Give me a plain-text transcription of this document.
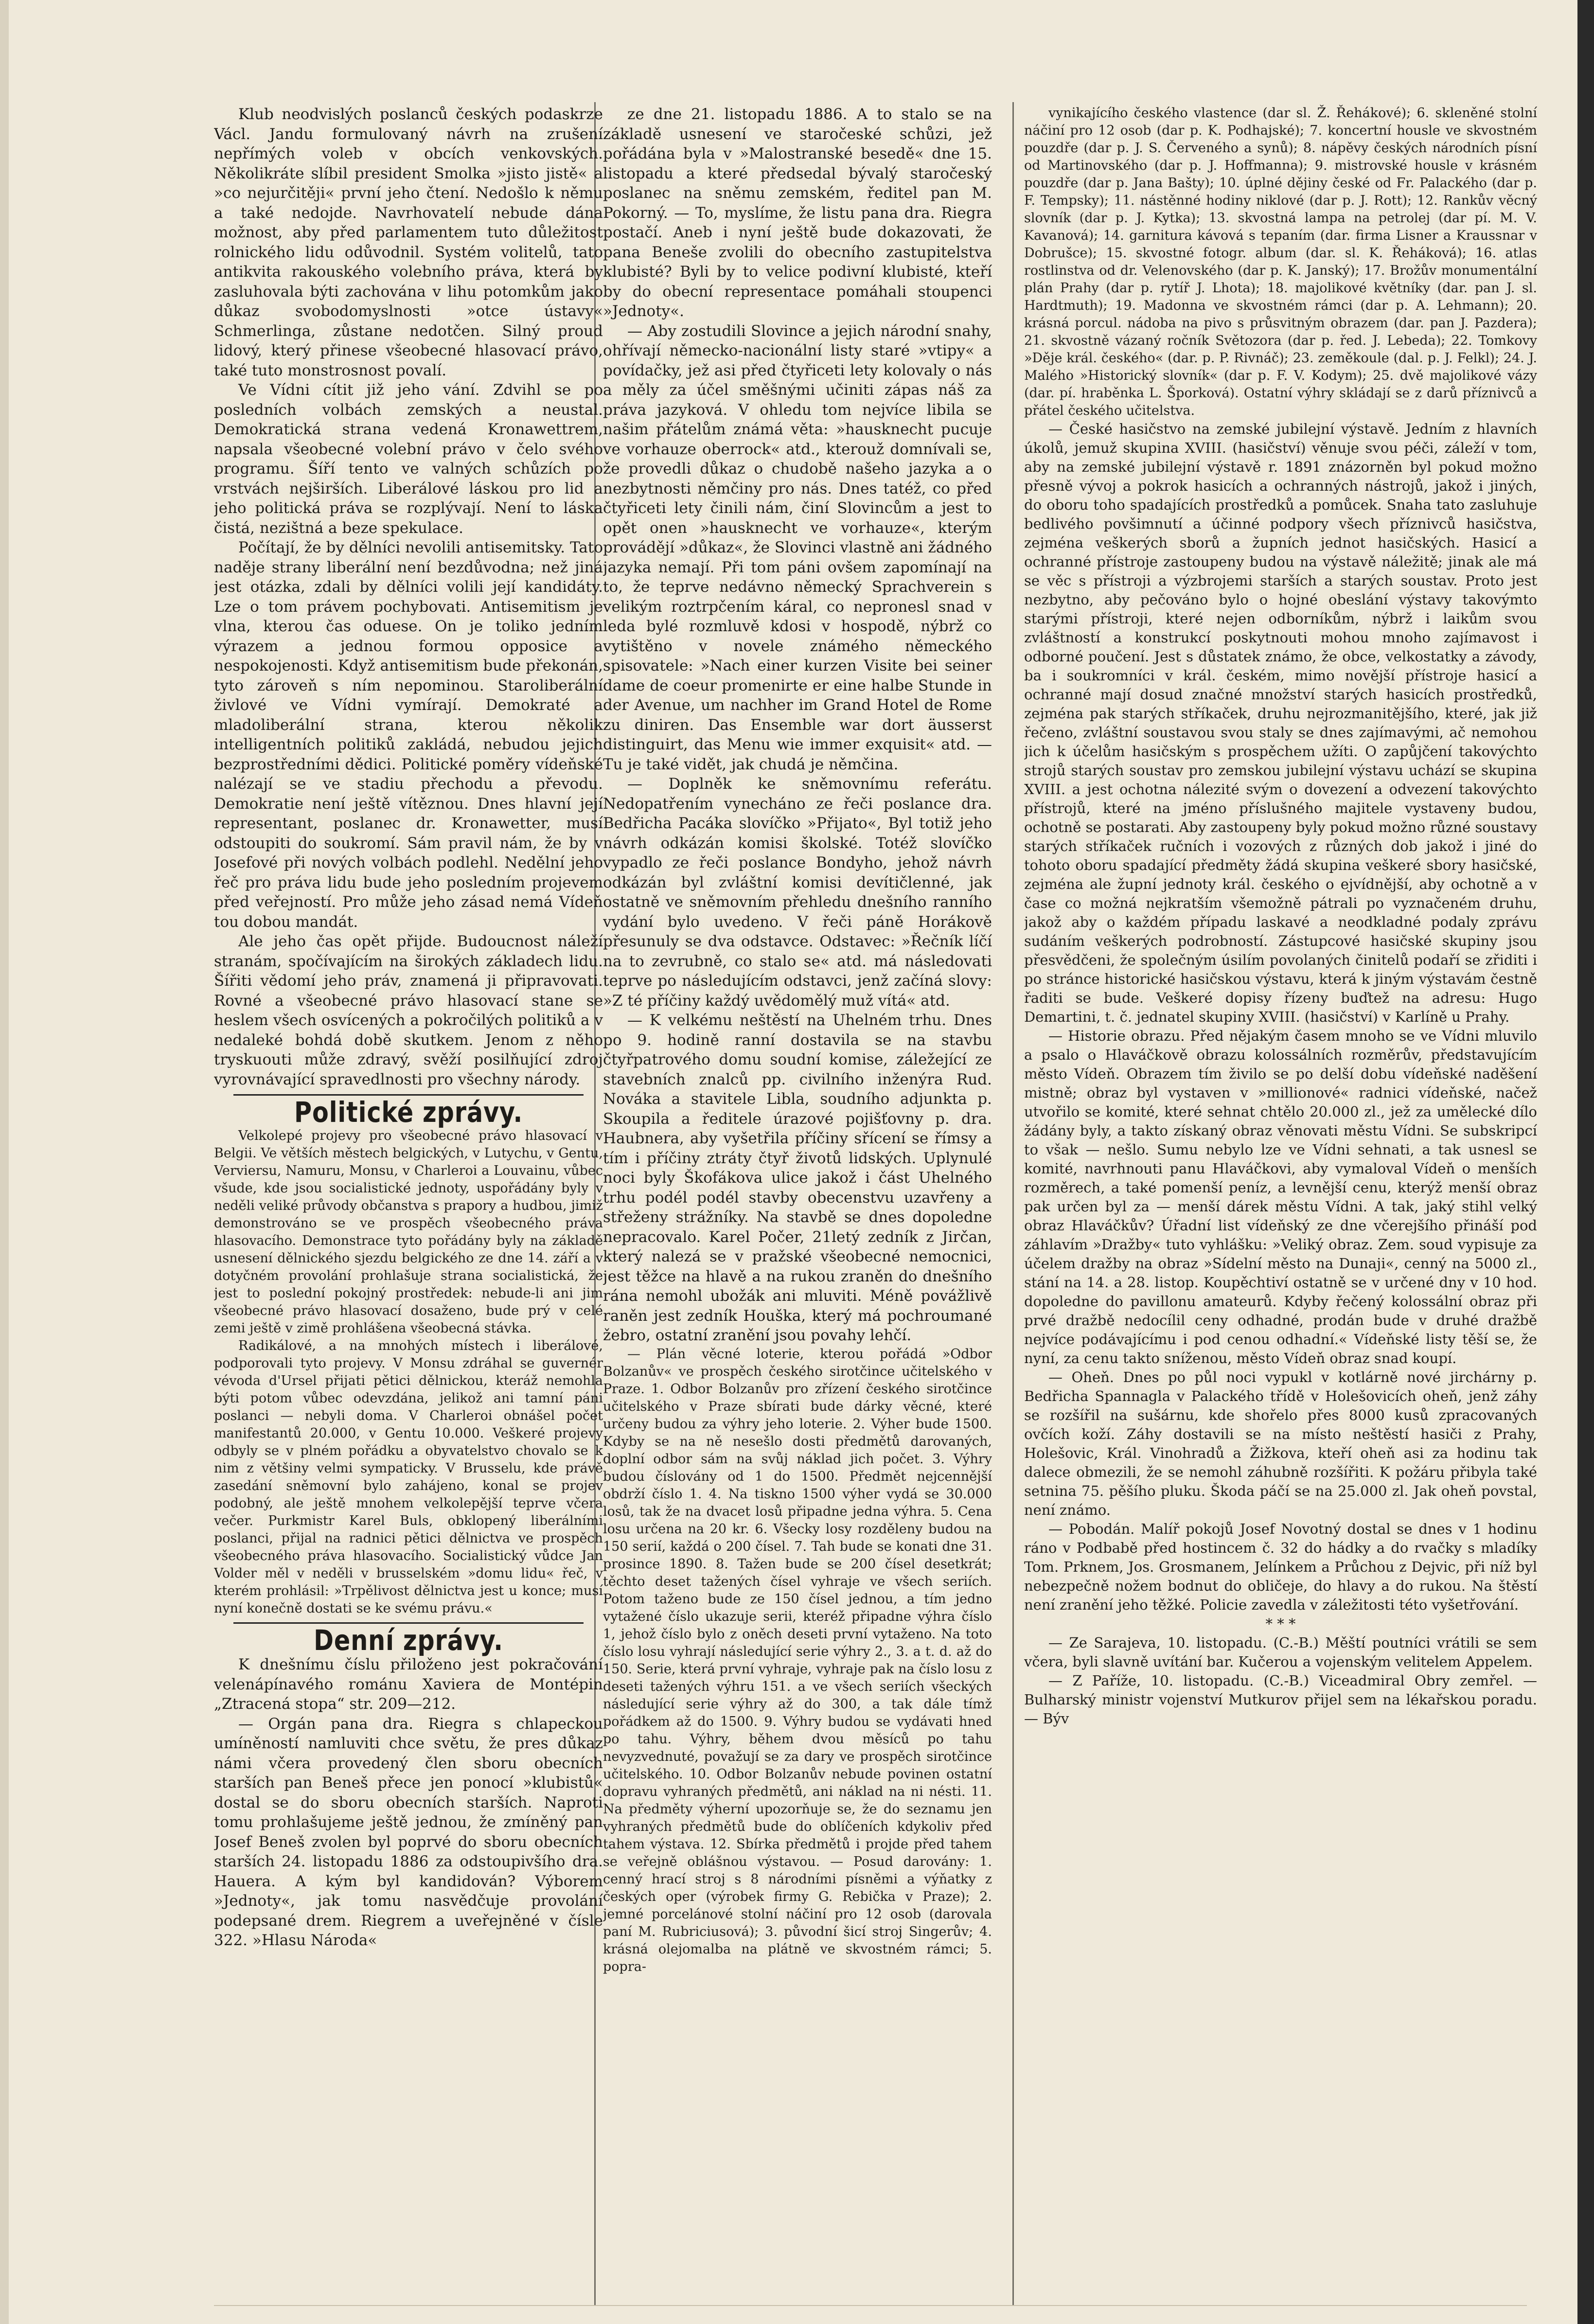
Klub neodvislých poslanců českých podaskrze Václ. Jandu formulovaný návrh na zrušení nepřímých voleb v obcích venkovských. Několikráte slíbil president Smolka »jisto jistě« a »co nejurčitěji« první jeho čtení. Nedošlo k němu a také nedojde. Navrhovatelí nebude dána možnost, aby před parlamentem tuto důležitost rolnického lidu odůvodnil. Systém volitelů, tato antikvita rakouského volebního práva, která by zasluhovala býti zachována v lihu potomkům jako důkaz svobodomyslnosti »otce ústavy« Schmerlinga, zůstane nedotčen. Silný proud lidový, který přinese všeobecné hlasovací právo, také tuto monstrosnost povalí.

Ve Vídni cítit již jeho vání. Zdvihl se po posledních volbách zemských a neustal. Demokratická strana vedená Kronawettrem, napsala všeobecné volební právo v čelo svého programu. Šíří tento ve valných schůzích po vrstvách nejširších. Liberálové láskou pro lid a jeho politická práva se rozplývají. Není to láska čistá, nezištná a beze spekulace.

Počítají, že by dělníci nevolili antisemitsky. Tato naděje strany liberální není bezdůvodna; než jiná jest otázka, zdali by dělníci volili její kandidáty. Lze o tom právem pochybovati. Antisemitism je vlna, kterou čas oduese. On je toliko jedním výrazem a jednou formou opposice a nespokojenosti. Když antisemitism bude překonán, tyto zároveň s ním nepominou. Staroliberální živlové ve Vídni vymírají. Demokraté a mladoliberální strana, kterou několik intelligentních politiků zakládá, nebudou jejich bezprostředními dědici. Politické poměry vídeňské nalézají se ve stadiu přechodu a převodu. Demokratie není ještě vítěznou. Dnes hlavní její representant, poslanec dr. Kronawetter, musí odstoupiti do soukromí. Sám pravil nám, že by v Josefové při nových volbách podlehl. Nedělní jeho řeč pro práva lidu bude jeho posledním projevem před veřejností. Pro může jeho zásad nemá Vídeň tou dobou mandát.

Ale jeho čas opět přijde. Budoucnost náleží stranám, spočívajícím na širokých základech lidu. Šířiti vědomí jeho práv, znamená ji připravovati. Rovné a všeobecné právo hlasovací stane se heslem všech osvícených a pokročilých politiků a v nedaleké bohdá době skutkem. Jenom z něho tryskuouti může zdravý, svěží posilňující zdroj vyrovnávající spravedlnosti pro všechny národy.

Politické zprávy.

Velkolepé projevy pro všeobecné právo hlasovací v Belgii. Ve větších městech belgických, v Lutychu, v Gentu, Verviersu, Namuru, Monsu, v Charleroi a Louvainu, vůbec všude, kde jsou socialistické jednoty, uspořádány byly v neděli veliké průvody občanstva s prapory a hudbou, jimiž demonstrováno se ve prospěch všeobecného práva hlasovacího. Demonstrace tyto pořádány byly na základě usnesení dělnického sjezdu belgického ze dne 14. září a v dotyčném provolání prohlašuje strana socialistická, že jest to poslední pokojný prostředek: nebude-li ani jim všeobecné právo hlasovací dosaženo, bude prý v celé zemi ještě v zimě prohlášena všeobecná stávka.

Radikálové, a na mnohých místech i liberálové, podporovali tyto projevy. V Monsu zdráhal se guvernér vévoda d'Ursel přijati pětici dělnickou, kteráž nemohla býti potom vůbec odevzdána, jelikož ani tamní páni poslanci — nebyli doma. V Charleroi obnášel počet manifestantů 20.000, v Gentu 10.000. Veškeré projevy odbyly se v plném pořádku a obyvatelstvo chovalo se k nim z většiny velmi sympaticky. V Brusselu, kde právě zasedání sněmovní bylo zahájeno, konal se projev podobný, ale ještě mnohem velkolepější teprve včera večer. Purkmistr Karel Buls, obklopený liberálními poslanci, přijal na radnici pětici dělnictva ve prospěch všeobecného práva hlasovacího. Socialistický vůdce Jan Volder měl v neděli v brusselském »domu lidu« řeč, v kterém prohlásil: »Trpělivost dělnictva jest u konce; musí nyní konečně dostati se ke svému právu.«

Denní zprávy.

K dnešnímu číslu přiloženo jest pokračování velenápínavého románu Xaviera de Montépin „Ztracená stopa“ str. 209—212.

— Orgán pana dra. Riegra s chlapeckou umíněností namluviti chce světu, že pres důkaz námi včera provedený člen sboru obecních starších pan Beneš přece jen ponocí »klubistů« dostal se do sboru obecních starších. Naproti tomu prohlašujeme ještě jednou, že zmíněný pan Josef Beneš zvolen byl poprvé do sboru obecních starších 24. listopadu 1886 za odstoupivšího dra. Hauera. A kým byl kandidován? Výborem »Jednoty«, jak tomu nasvědčuje provolání podepsané drem. Riegrem a uveřejněné v čísle 322. »Hlasu Národa«

ze dne 21. listopadu 1886. A to stalo se na základě usnesení ve staročeské schůzi, jež pořádána byla v »Malostranské besedě« dne 15. listopadu a které předsedal bývalý staročeský poslanec na sněmu zemském, ředitel pan M. Pokorný. — To, myslíme, že listu pana dra. Riegra postačí. Aneb i nyní ještě bude dokazovati, že pana Beneše zvolili do obecního zastupitelstva klubisté? Byli by to velice podivní klubisté, kteří by do obecní representace pomáhali stoupenci »Jednoty«.

— Aby zostudili Slovince a jejich národní snahy, ohřívají německo-nacionální listy staré »vtipy« a povídačky, jež asi před čtyřiceti lety kolovaly o nás a měly za účel směšnými učiniti zápas náš za práva jazyková. V ohledu tom nejvíce libila se našim přátelům známá věta: »hausknecht pucuje ve vorhauze oberrock« atd., kterouž domnívali se, že provedli důkaz o chudobě našeho jazyka a o nezbytnosti němčiny pro nás. Dnes tatéž, co před čtyřiceti lety činili nám, činí Slovincům a jest to opět onen »hausknecht ve vorhauze«, kterým provádějí »důkaz«, že Slovinci vlastně ani žádného jazyka nemají. Při tom páni ovšem zapomínají na to, že teprve nedávno německý Sprachverein s velikým roztrpčením káral, co nepronesl snad v leda bylé rozmluvě kdosi v hospodě, nýbrž co vytištěno v novele známého německého spisovatele: »Nach einer kurzen Visite bei seiner dame de coeur promenirte er eine halbe Stunde in der Avenue, um nachher im Grand Hotel de Rome zu diniren. Das Ensemble war dort äusserst distinguirt, das Menu wie immer exquisit« atd. — Tu je také vidět, jak chudá je němčina.

— Doplněk ke sněmovnímu referátu. Nedopatřením vynecháno ze řeči poslance dra. Bedřicha Pacáka slovíčko »Přijato«, Byl totiž jeho návrh odkázán komisi školské. Totéž slovíčko vypadlo ze řeči poslance Bondyho, jehož návrh odkázán byl zvláštní komisi devítičlenné, jak ostatně ve sněmovním přehledu dnešního ranního vydání bylo uvedeno. V řeči páně Horákově přesunuly se dva odstavce. Odstavec: »Řečník líčí na to zevrubně, co stalo se« atd. má následovati teprve po následujícím odstavci, jenž začíná slovy: »Z té příčiny každý uvědomělý muž vítá« atd.

— K velkému neštěstí na Uhelném trhu. Dnes po 9. hodině ranní dostavila se na stavbu čtyřpatrového domu soudní komise, záležející ze stavebních znalců pp. civilního inženýra Rud. Nováka a stavitele Libla, soudního adjunkta p. Skoupila a ředitele úrazové pojišťovny p. dra. Haubnera, aby vyšetřila příčiny sřícení se římsy a tím i příčiny ztráty čtyř životů lidských. Uplynulé noci byly Škofákova ulice jakož i část Uhelného trhu podél podél stavby obecenstvu uzavřeny a střeženy strážníky. Na stavbě se dnes dopoledne nepracovalo. Karel Počer, 21letý zedník z Jirčan, který nalezá se v pražské všeobecné nemocnici, jest těžce na hlavě a na rukou zraněn do dnešního rána nemohl ubožák ani mluviti. Méně povážlivě raněn jest zedník Houška, který má pochroumané žebro, ostatní zranění jsou povahy lehčí.

— Plán věcné loterie, kterou pořádá »Odbor Bolzanův« ve prospěch českého sirotčince učitelského v Praze. 1. Odbor Bolzanův pro zřízení českého sirotčince učitelského v Praze sbírati bude dárky věcné, které určeny budou za výhry jeho loterie. 2. Výher bude 1500. Kdyby se na ně nesešlo dosti předmětů darovaných, doplní odbor sám na svůj náklad jich počet. 3. Výhry budou číslovány od 1 do 1500. Předmět nejcennější obdrží číslo 1. 4. Na tiskno 1500 výher vydá se 30.000 losů, tak že na dvacet losů připadne jedna výhra. 5. Cena losu určena na 20 kr. 6. Všecky losy rozděleny budou na 150 serií, každá o 200 čísel. 7. Tah bude se konati dne 31. prosince 1890. 8. Tažen bude se 200 čísel desetkrát; těchto deset tažených čísel vyhraje ve všech seriích. Potom taženo bude ze 150 čísel jednou, a tím jedno vytažené číslo ukazuje serii, kteréž připadne výhra číslo 1, jehož číslo bylo z oněch deseti první vytaženo. Na toto číslo losu vyhrají následující serie výhry 2., 3. a t. d. až do 150. Serie, která první vyhraje, vyhraje pak na číslo losu z deseti tažených výhru 151. a ve všech seriích všeckých následující serie výhry až do 300, a tak dále tímž pořádkem až do 1500. 9. Výhry budou se vydávati hned po tahu. Výhry, během dvou měsíců po tahu nevyzvednuté, považují se za dary ve prospěch sirotčince učitelského. 10. Odbor Bolzanův nebude povinen ostatní dopravu vyhraných předmětů, ani náklad na ni nésti. 11. Na předměty výherní upozorňuje se, že do seznamu jen vyhraných předmětů bude do oblíčeních kdykoliv před tahem výstava. 12. Sbírka předmětů i projde před tahem se veřejně oblášnou výstavou. — Posud darovány: 1. cenný hrací stroj s 8 národními písněmi a výňatky z českých oper (výrobek firmy G. Rebička v Praze); 2. jemné porcelánové stolní náčiní pro 12 osob (darovala paní M. Rubriciusová); 3. původní šicí stroj Singerův; 4. krásná olejomalba na plátně ve skvostném rámci; 5. popra-

vynikajícího českého vlastence (dar sl. Ž. Řehákové); 6. skleněné stolní náčiní pro 12 osob (dar p. K. Podhajské); 7. koncertní housle ve skvostném pouzdře (dar p. J. S. Červeného a synů); 8. nápěvy českých národních písní od Martinovského (dar p. J. Hoffmanna); 9. mistrovské housle v krásném pouzdře (dar p. Jana Bašty); 10. úplné dějiny české od Fr. Palackého (dar p. F. Tempsky); 11. nástěnné hodiny niklové (dar p. J. Rott); 12. Rankův věcný slovník (dar p. J. Kytka); 13. skvostná lampa na petrolej (dar pí. M. V. Kavanová); 14. garnitura kávová s tepaním (dar. firma Lisner a Kraussnar v Dobrušce); 15. skvostné fotogr. album (dar. sl. K. Řeháková); 16. atlas rostlinstva od dr. Velenovského (dar p. K. Janský); 17. Brožův monumentální plán Prahy (dar p. rytíř J. Lhota); 18. majolikové květníky (dar. pan J. sl. Hardtmuth); 19. Madonna ve skvostném rámci (dar p. A. Lehmann); 20. krásná porcul. nádoba na pivo s průsvitným obrazem (dar. pan J. Pazdera); 21. skvostně vázaný ročník Světozora (dar p. řed. J. Lebeda); 22. Tomkovy »Děje král. českého« (dar. p. P. Rivnáč); 23. zeměkoule (dal. p. J. Felkl); 24. J. Malého »Historický slovník« (dar p. F. V. Kodym); 25. dvě majolikové vázy (dar. pí. hraběnka L. Šporková). Ostatní výhry skládají se z darů příznivců a přátel českého učitelstva.

— České hasičstvo na zemské jubilejní výstavě. Jedním z hlavních úkolů, jemuž skupina XVIII. (hasičství) věnuje svou péči, záleží v tom, aby na zemské jubilejní výstavě r. 1891 znázorněn byl pokud možno přesně vývoj a pokrok hasicích a ochranných nástrojů, jakož i jiných, do oboru toho spadajících prostředků a pomůcek. Snaha tato zasluhuje bedlivého povšimnutí a účinné podpory všech příznivců hasičstva, zejména veškerých sborů a župních jednot hasičských. Hasicí a ochranné přístroje zastoupeny budou na výstavě náležitě; jinak ale má se věc s přístroji a výzbrojemi starších a starých soustav. Proto jest nezbytno, aby pečováno bylo o hojné obeslání výstavy takovýmto starými přístroji, které nejen odborníkům, nýbrž i laikům svou zvláštností a konstrukcí poskytnouti mohou mnoho zajímavost i odborné poučení. Jest s důstatek známo, že obce, velkostatky a závody, ba i soukromníci v král. českém, mimo novější přístroje hasicí a ochranné mají dosud značné množství starých hasicích prostředků, zejména pak starých stříkaček, druhu nejrozmanitějšího, které, jak již řečeno, zvláštní soustavou svou staly se dnes zajímavými, ač nemohou jich k účelům hasičským s prospěchem užíti. O zapůjčení takovýchto strojů starých soustav pro zemskou jubilejní výstavu uchází se skupina XVIII. a jest ochotna nálezité svým o dovezení a odvezení takovýchto přístrojů, které na jméno příslušného majitele vystaveny budou, ochotně se postarati. Aby zastoupeny byly pokud možno různé soustavy starých stříkaček ručních i vozových z různých dob jakož i jiné do tohoto oboru spadající předměty žádá skupina veškeré sbory hasičské, zejména ale župní jednoty král. českého o ejvídnější, aby ochotně a v čase co možná nejkratším všemožně pátrali po vyznačeném druhu, jakož aby o každém případu laskavé a neodkladné podaly zprávu sudáním veškerých podrobností. Zástupcové hasičské skupiny jsou přesvědčeni, že společným úsilím povolaných činitelů podaří se zřiditi i po stránce historické hasičskou výstavu, která k jiným výstavám čestně řaditi se bude. Veškeré dopisy řízeny buďtež na adresu: Hugo Demartini, t. č. jednatel skupiny XVIII. (hasičství) v Karlíně u Prahy.

— Historie obrazu. Před nějakým časem mnoho se ve Vídni mluvilo a psalo o Hlaváčkově obrazu kolossálních rozměrův, představujícím město Vídeň. Obrazem tím živilo se po delší dobu vídeňské naděšení mistně; obraz byl vystaven v »millionové« radnici vídeňské, načež utvořilo se komité, které sehnat chtělo 20.000 zl., jež za umělecké dílo žádány byly, a takto získaný obraz věnovati městu Vídni. Se subskripcí to však — nešlo. Sumu nebylo lze ve Vídni sehnati, a tak usnesl se komité, navrhnouti panu Hlaváčkovi, aby vymaloval Vídeň o menších rozměrech, a také pomenší peníz, a levnější cenu, kterýž menší obraz pak určen byl za — menší dárek městu Vídni. A tak, jaký stihl velký obraz Hlaváčkův? Úřadní list vídeňský ze dne včerejšího přináší pod záhlavím »Dražby« tuto vyhlášku: »Veliký obraz. Zem. soud vypisuje za účelem dražby na obraz »Sídelní město na Dunaji«, cenný na 5000 zl., stání na 14. a 28. listop. Koupěchtiví ostatně se v určené dny v 10 hod. dopoledne do pavillonu amateurů. Kdyby řečený kolossální obraz při prvé dražbě nedocílil ceny odhadné, prodán bude v druhé dražbě nejvíce podávajícímu i pod cenou odhadní.« Vídeňské listy těší se, že nyní, za cenu takto sníženou, město Vídeň obraz snad koupí.

— Oheň. Dnes po půl noci vypukl v kotlárně nové jirchárny p. Bedřicha Spannagla v Palackého třídě v Holešovicích oheň, jenž záhy se rozšířil na sušárnu, kde shořelo přes 8000 kusů zpracovaných ovčích koží. Záhy dostavili se na místo neštěstí hasiči z Prahy, Holešovic, Král. Vinohradů a Žižkova, kteří oheň asi za hodinu tak dalece obmezili, že se nemohl záhubně rozšířiti. K požáru přibyla také setnina 75. pěšího pluku. Škoda páčí se na 25.000 zl. Jak oheň povstal, není známo.

— Pobodán. Malíř pokojů Josef Novotný dostal se dnes v 1 hodinu ráno v Podbabě před hostincem č. 32 do hádky a do rvačky s mladíky Tom. Prknem, Jos. Grosmanem, Jelínkem a Průchou z Dejvic, při níž byl nebezpečně nožem bodnut do obličeje, do hlavy a do rukou. Na štěstí není zranění jeho těžké. Policie zavedla v záležitosti této vyšetřování.

* * *

— Ze Sarajeva, 10. listopadu. (C.-B.) Měští poutníci vrátili se sem včera, byli slavně uvítání bar. Kučerou a vojenským velitelem Appelem.

— Z Paříže, 10. listopadu. (C.-B.) Viceadmiral Obry zemřel. — Bulharský ministr vojenství Mutkurov přijel sem na lékařskou poradu. — Býv
